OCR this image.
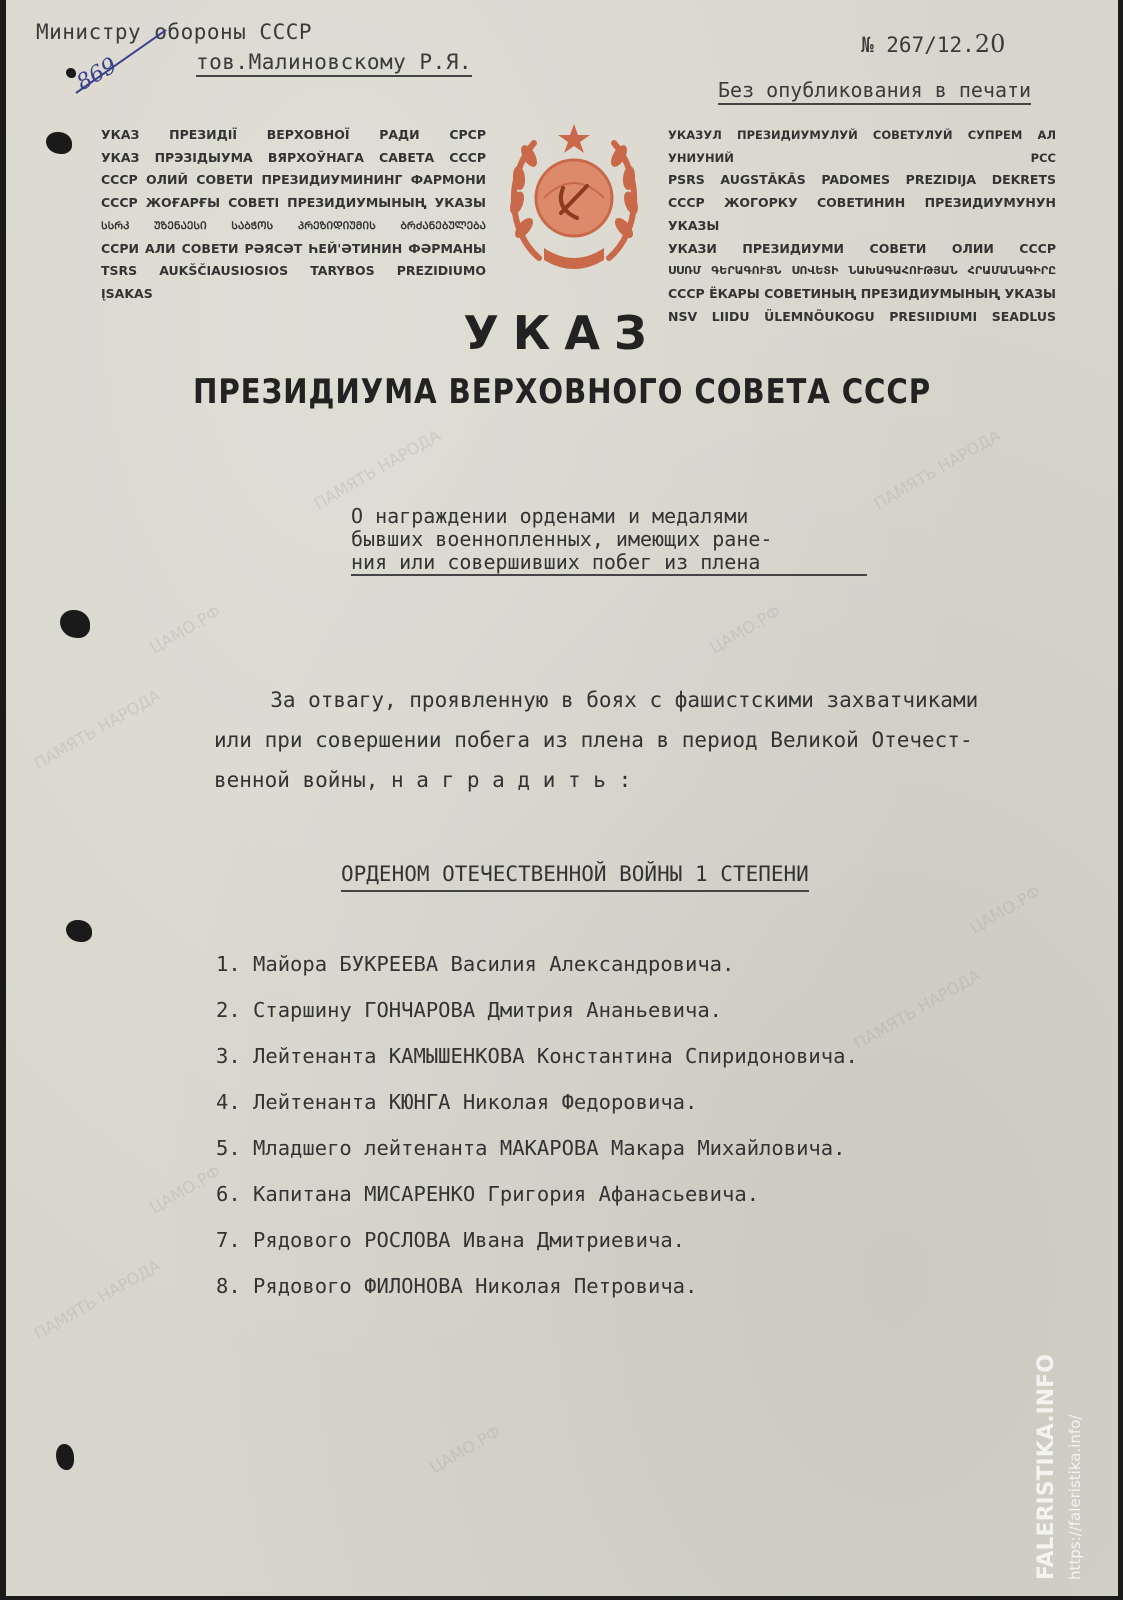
ЦАМО.РФ	ЦАМО.РФ
ЦАМО.РФ
ЦАМО.РФ
ЦАМО.РФ
ПАМЯТЬ НАРОДА
ПАМЯТЬ НАРОДА
ПАМЯТЬ НАРОДА
ПАМЯТЬ НАРОДА
ПАМЯТЬ НАРОДА
Министру обороны СССР
тов.Малиновскому Р.Я.
№ 267/12.20
Без опубликования в печати
869
УКАЗ ПРЕЗИДІЇ ВЕРХОВНОЇ РАДИ СРСР
УКАЗ ПРЭЗІДЫУМА ВЯРХОЎНАГА САВЕТА СССР
СССР ОЛИЙ СОВЕТИ ПРЕЗИДИУМИНИНГ ФАРМОНИ
СССР ЖОҒАРҒЫ СОВЕТІ ПРЕЗИДИУМЫНЫҢ УКАЗЫ
ᲡᲡᲠᲙ ᲣᲖᲔᲜᲐᲔᲡᲘ ᲡᲐᲑᲭᲝᲡ ᲞᲠᲔᲖᲘᲓᲘᲣᲛᲘᲡ ᲑᲠᲫᲐᲜᲔᲑᲣᲚᲔᲑᲐ
ССРИ АЛИ СОВЕТИ РӘЯСӘТ ҺЕЙ'ӘТИНИН ФӘРМАНЫ
TSRS AUKŠČIAUSIOSIOS TARYBOS PREZIDIUMO ĮSAKAS
УКАЗУЛ ПРЕЗИДИУМУЛУЙ СОВЕТУЛУЙ СУПРЕМ АЛ УНИУНИЙ РСС
PSRS AUGSTĀKĀS PADOMES PREZIDIJA DEKRETS
СССР ЖОГОРКУ СОВЕТИНИН ПРЕЗИДИУМУНУН УКАЗЫ
УКАЗИ ПРЕЗИДИУМИ СОВЕТИ ОЛИИ СССР
ՍՍՌՄ ԳԵՐԱԳՈՒՅՆ ՍՈՎԵՏԻ ՆԱԽԱԳԱՀՈՒԹՅԱՆ ՀՐԱՄԱՆԱԳԻՐԸ
СССР ЁКАРЫ СОВЕТИНЫҢ ПРЕЗИДИУМЫНЫҢ УКАЗЫ
NSV LIIDU ÜLEMNÕUKOGU PRESIIDIUMI SEADLUS
УКАЗ
ПРЕЗИДИУМА ВЕРХОВНОГО СОВЕТА СССР
О награждении орденами и медалями
бывших военнопленных, имеющих ране-
ния или совершивших побег из плена
За отвагу, проявленную в боях с фашистскими захватчиками
или при совершении побега из плена в период Великой Отечест-
венной войны, н а г р а д и т ь :
ОРДЕНОМ ОТЕЧЕСТВЕННОЙ ВОЙНЫ 1 СТЕПЕНИ
1. Майора БУКРЕЕВА Василия Александровича.
2. Старшину ГОНЧАРОВА Дмитрия Ананьевича.
3. Лейтенанта КАМЫШЕНКОВА Константина Спиридоновича.
4. Лейтенанта КЮНГА Николая Федоровича.
5. Младшего лейтенанта МАКАРОВА Макара Михайловича.
6. Капитана МИСАРЕНКО Григория Афанасьевича.
7. Рядового РОСЛОВА Ивана Дмитриевича.
8. Рядового ФИЛОНОВА Николая Петровича.
FALERISTIKA.INFO https://faleristika.info/
